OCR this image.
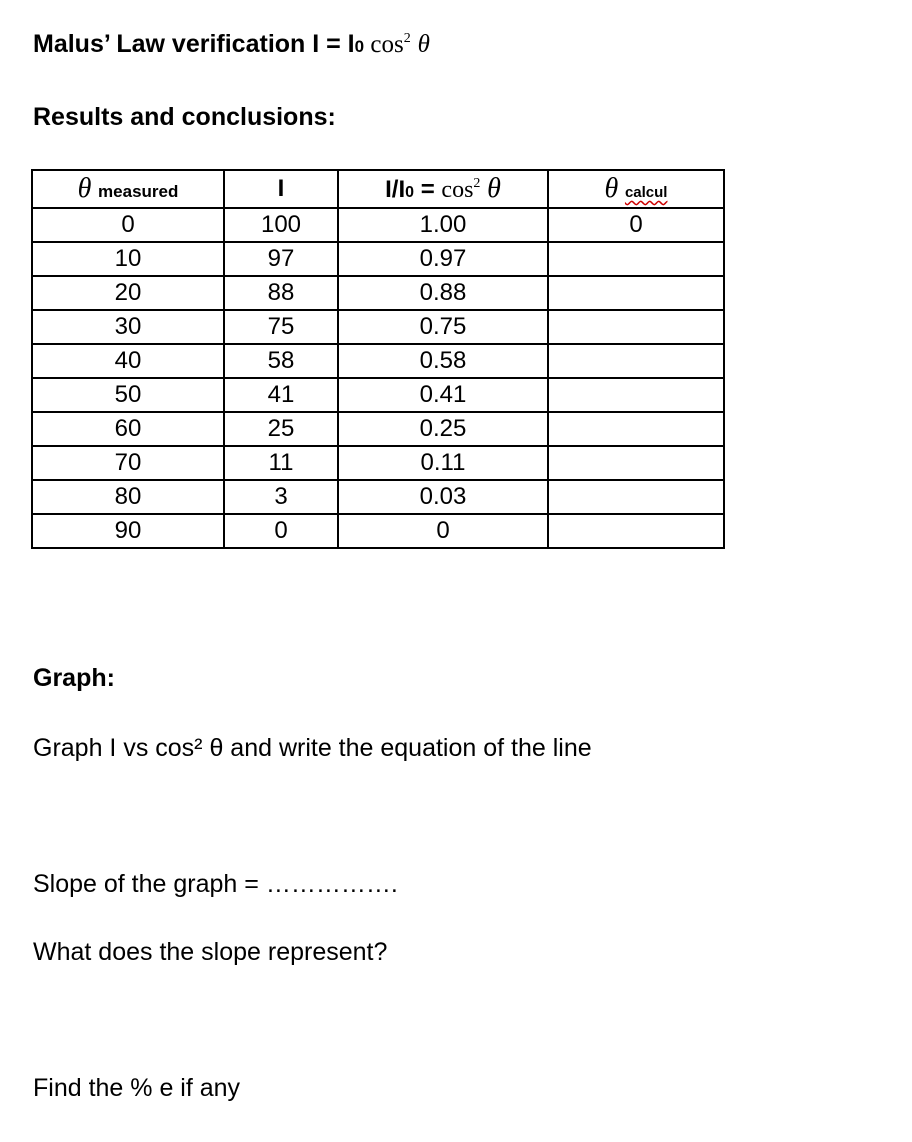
Malus’ Law verification I = I0 $\cos^2 \theta$
Results and conclusions:
θ measured	I	$I/I0 = \cos^2 \theta$	θ calcul
0	100	1.00	0
10	97	0.97	
20	88	0.88	
30	75	0.75	
40	58	0.58	
50	41	0.41	
60	25	0.25	
70	11	0.11	
80	3	0.03	
90	0	0	
Graph:
Graph I vs cos² θ and write the equation of the line
Slope of the graph = …………….
What does the slope represent?
Find the % e if any
